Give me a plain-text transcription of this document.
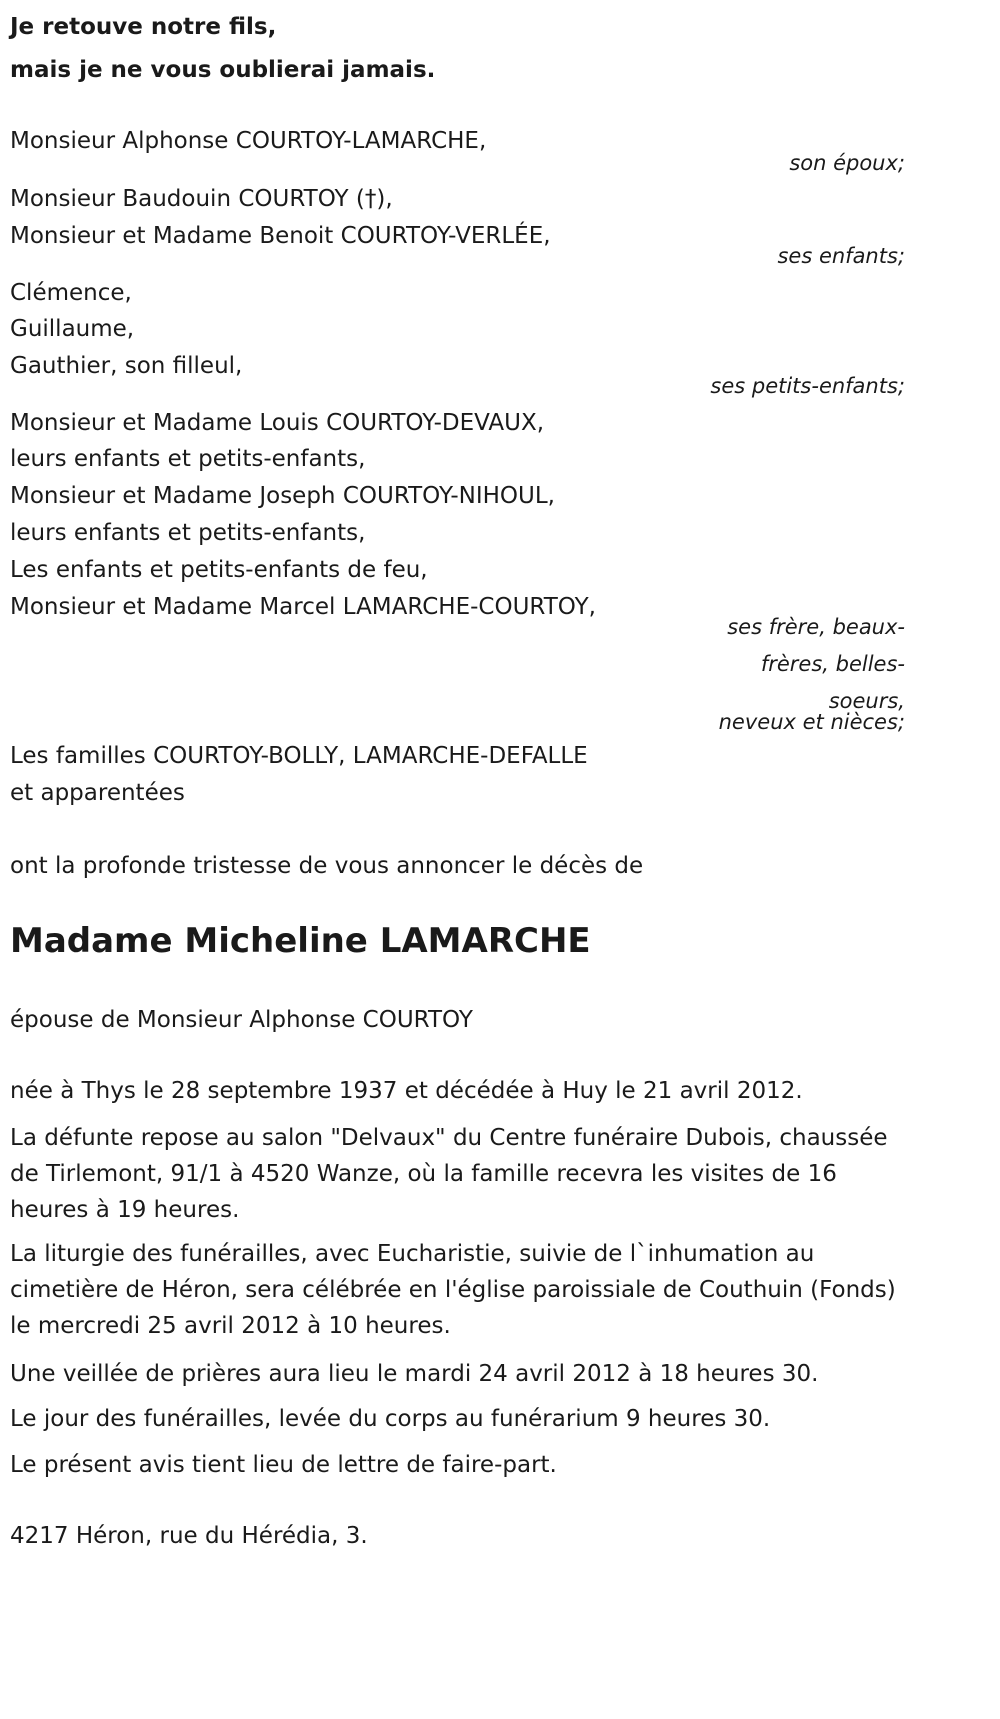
Je retouve notre fils,
mais je ne vous oublierai jamais.
Monsieur Alphonse COURTOY-LAMARCHE,
son époux;
Monsieur Baudouin COURTOY (†),
Monsieur et Madame Benoit COURTOY-VERLÉE,
ses enfants;
Clémence,
Guillaume,
Gauthier, son filleul,
ses petits-enfants;
Monsieur et Madame Louis COURTOY-DEVAUX,
leurs enfants et petits-enfants,
Monsieur et Madame Joseph COURTOY-NIHOUL,
leurs enfants et petits-enfants,
Les enfants et petits-enfants de feu,
Monsieur et Madame Marcel LAMARCHE-COURTOY,
ses frère, beaux-
frères, belles-
soeurs,
neveux et nièces;
Les familles COURTOY-BOLLY, LAMARCHE-DEFALLE
et apparentées
ont la profonde tristesse de vous annoncer le décès de
Madame Micheline LAMARCHE
épouse de Monsieur Alphonse COURTOY
née à Thys le 28 septembre 1937 et décédée à Huy le 21 avril 2012.
La défunte repose au salon "Delvaux" du Centre funéraire Dubois, chaussée de Tirlemont, 91/1 à 4520 Wanze, où la famille recevra les visites de 16 heures à 19 heures.
La liturgie des funérailles, avec Eucharistie, suivie de l`inhumation au cimetière de Héron, sera célébrée en l'église paroissiale de Couthuin (Fonds) le mercredi 25 avril 2012 à 10 heures.
Une veillée de prières aura lieu le mardi 24 avril 2012 à 18 heures 30.
Le jour des funérailles, levée du corps au funérarium 9 heures 30.
Le présent avis tient lieu de lettre de faire-part.
4217 Héron, rue du Hérédia, 3.
